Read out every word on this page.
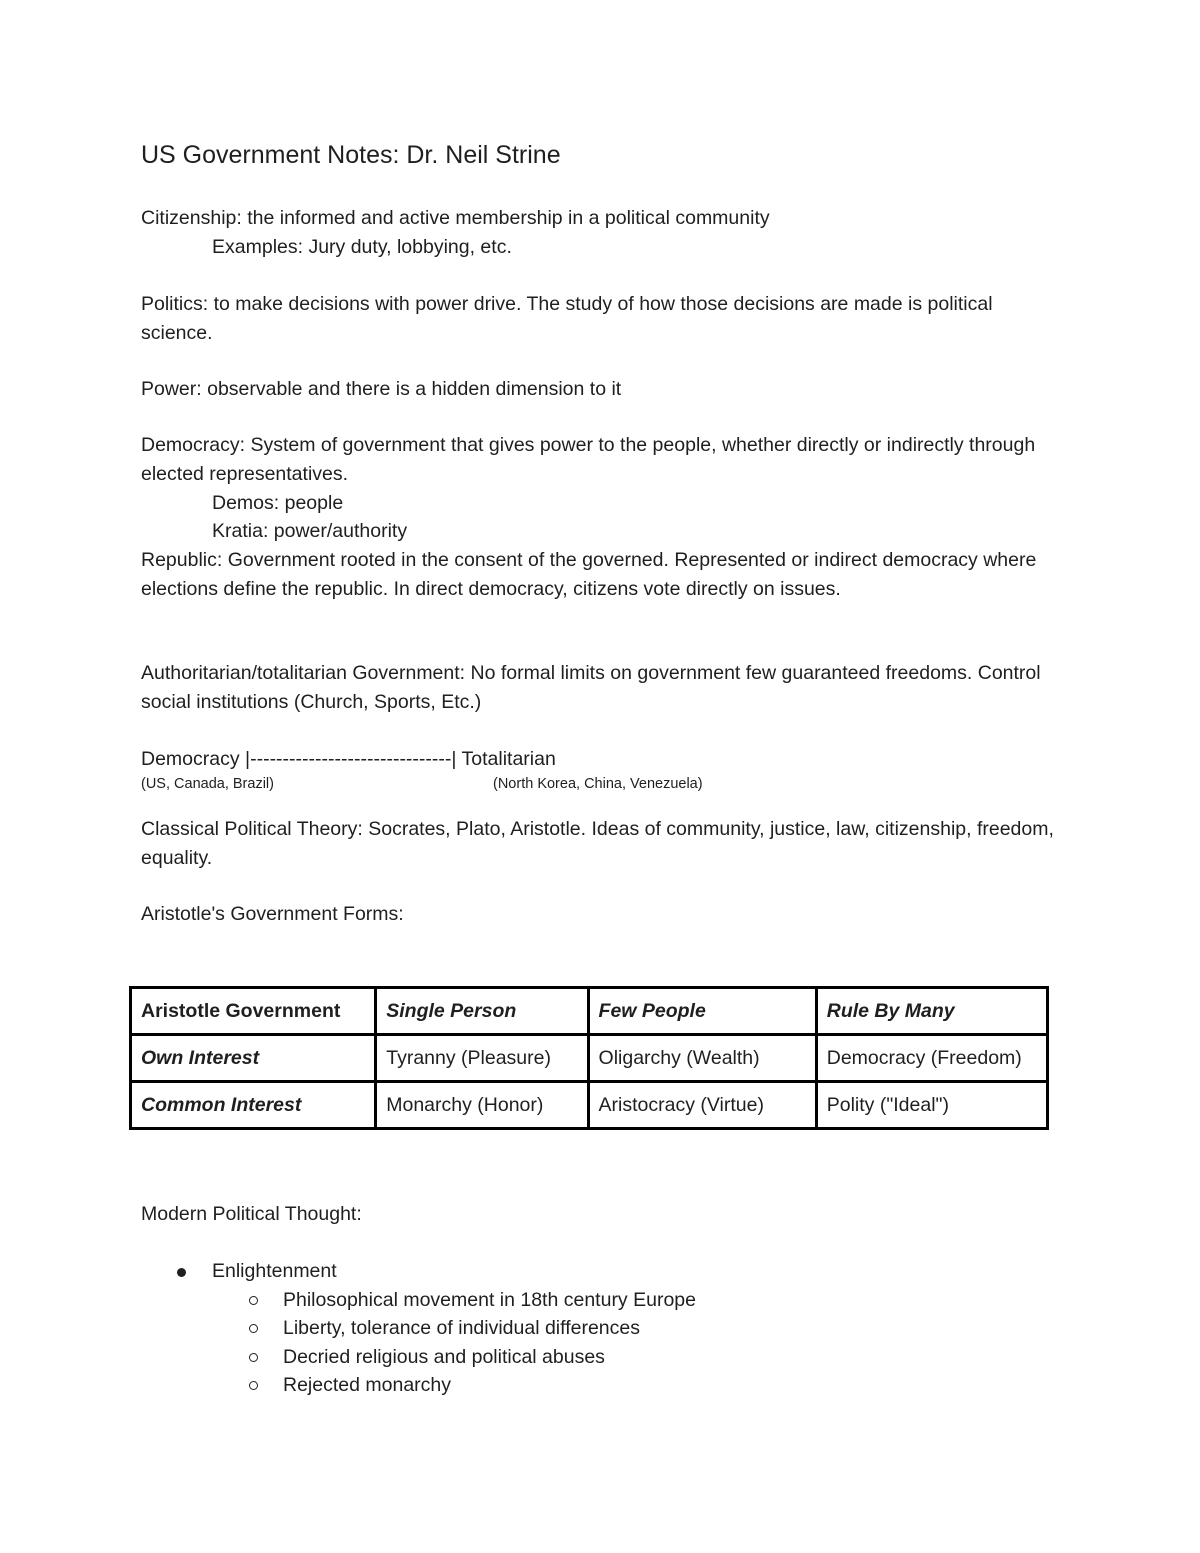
US Government Notes: Dr. Neil Strine

Citizenship: the informed and active membership in a political community

Examples: Jury duty, lobbying, etc.

Politics: to make decisions with power drive. The study of how those decisions are made is political science.

Power: observable and there is a hidden dimension to it

Democracy: System of government that gives power to the people, whether directly or indirectly through elected representatives.

Demos: people

Kratia: power/authority

Republic: Government rooted in the consent of the governed. Represented or indirect democracy where elections define the republic. In direct democracy, citizens vote directly on issues.

Authoritarian/totalitarian Government: No formal limits on government few guaranteed freedoms. Control social institutions (Church, Sports, Etc.)

Democracy |-------------------------------| Totalitarian

(US, Canada, Brazil)	(North Korea, China, Venezuela)

Classical Political Theory: Socrates, Plato, Aristotle. Ideas of community, justice, law, citizenship, freedom, equality.

Aristotle's Government Forms:

Aristotle Government	Single Person	Few People	Rule By Many
Own Interest	Tyranny (Pleasure)	Oligarchy (Wealth)	Democracy (Freedom)
Common Interest	Monarchy (Honor)	Aristocracy (Virtue)	Polity ("Ideal")

Modern Political Thought:

Enlightenment
Philosophical movement in 18th century Europe
Liberty, tolerance of individual differences
Decried religious and political abuses
Rejected monarchy
